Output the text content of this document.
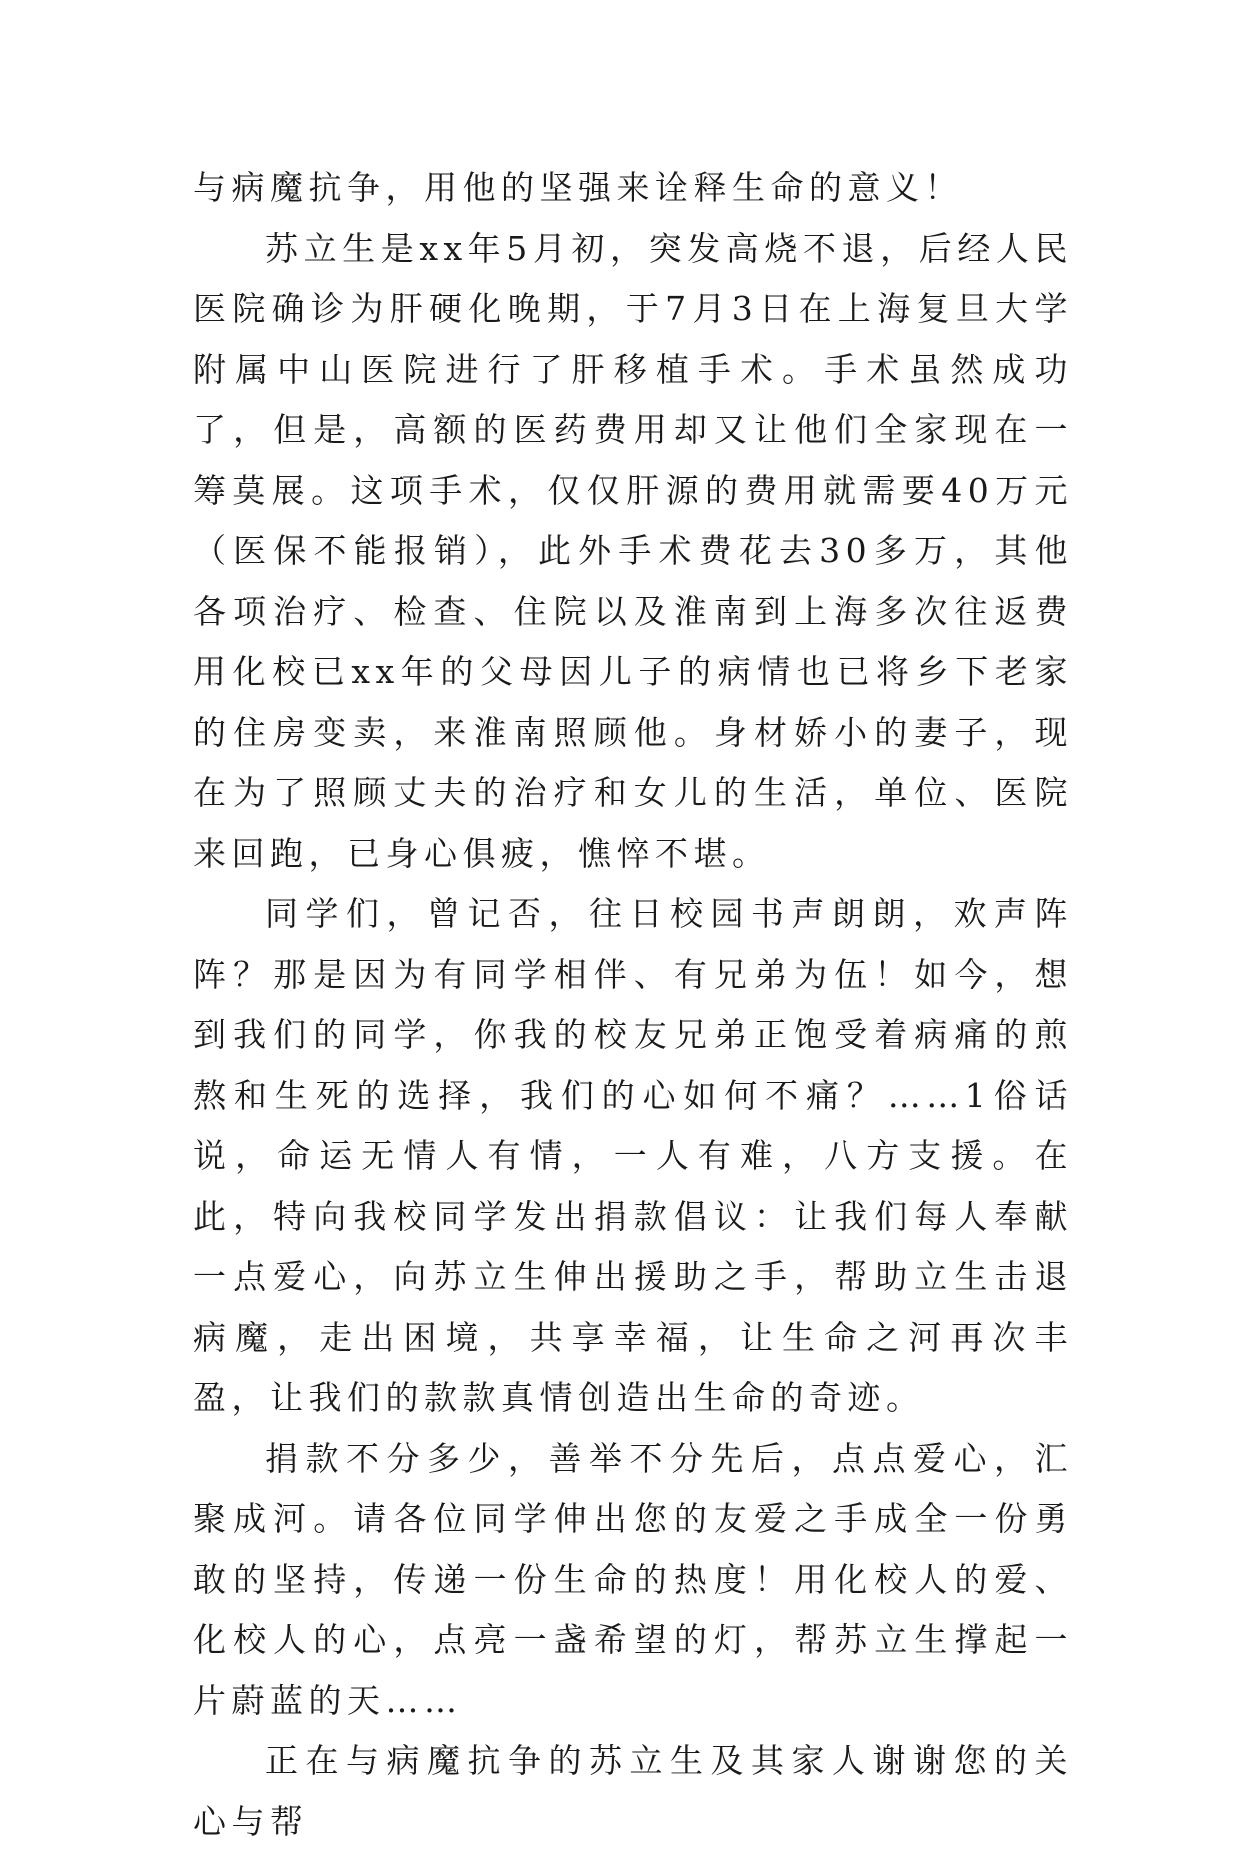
与病魔抗争，用他的坚强来诠释生命的意义！

苏立生是xx年5月初，突发高烧不退，后经人民医院确诊为肝硬化晚期，于7月3日在上海复旦大学附属中山医院进行了肝移植手术。手术虽然成功了，但是，高额的医药费用却又让他们全家现在一筹莫展。这项手术，仅仅肝源的费用就需要40万元（医保不能报销），此外手术费花去30多万，其他各项治疗、检查、住院以及淮南到上海多次往返费用化校已xx年的父母因儿子的病情也已将乡下老家的住房变卖，来淮南照顾他。身材娇小的妻子，现在为了照顾丈夫的治疗和女儿的生活，单位、医院来回跑，已身心俱疲，憔悴不堪。

同学们，曾记否，往日校园书声朗朗，欢声阵阵？那是因为有同学相伴、有兄弟为伍！如今，想到我们的同学，你我的校友兄弟正饱受着病痛的煎熬和生死的选择，我们的心如何不痛？……1俗话说，命运无情人有情，一人有难，八方支援。在此，特向我校同学发出捐款倡议：让我们每人奉献一点爱心，向苏立生伸出援助之手，帮助立生击退病魔，走出困境，共享幸福，让生命之河再次丰盈，让我们的款款真情创造出生命的奇迹。

捐款不分多少，善举不分先后，点点爱心，汇聚成河。请各位同学伸出您的友爱之手成全一份勇敢的坚持，传递一份生命的热度！用化校人的爱、化校人的心，点亮一盏希望的灯，帮苏立生撑起一片蔚蓝的天……

正在与病魔抗争的苏立生及其家人谢谢您的关心与帮
